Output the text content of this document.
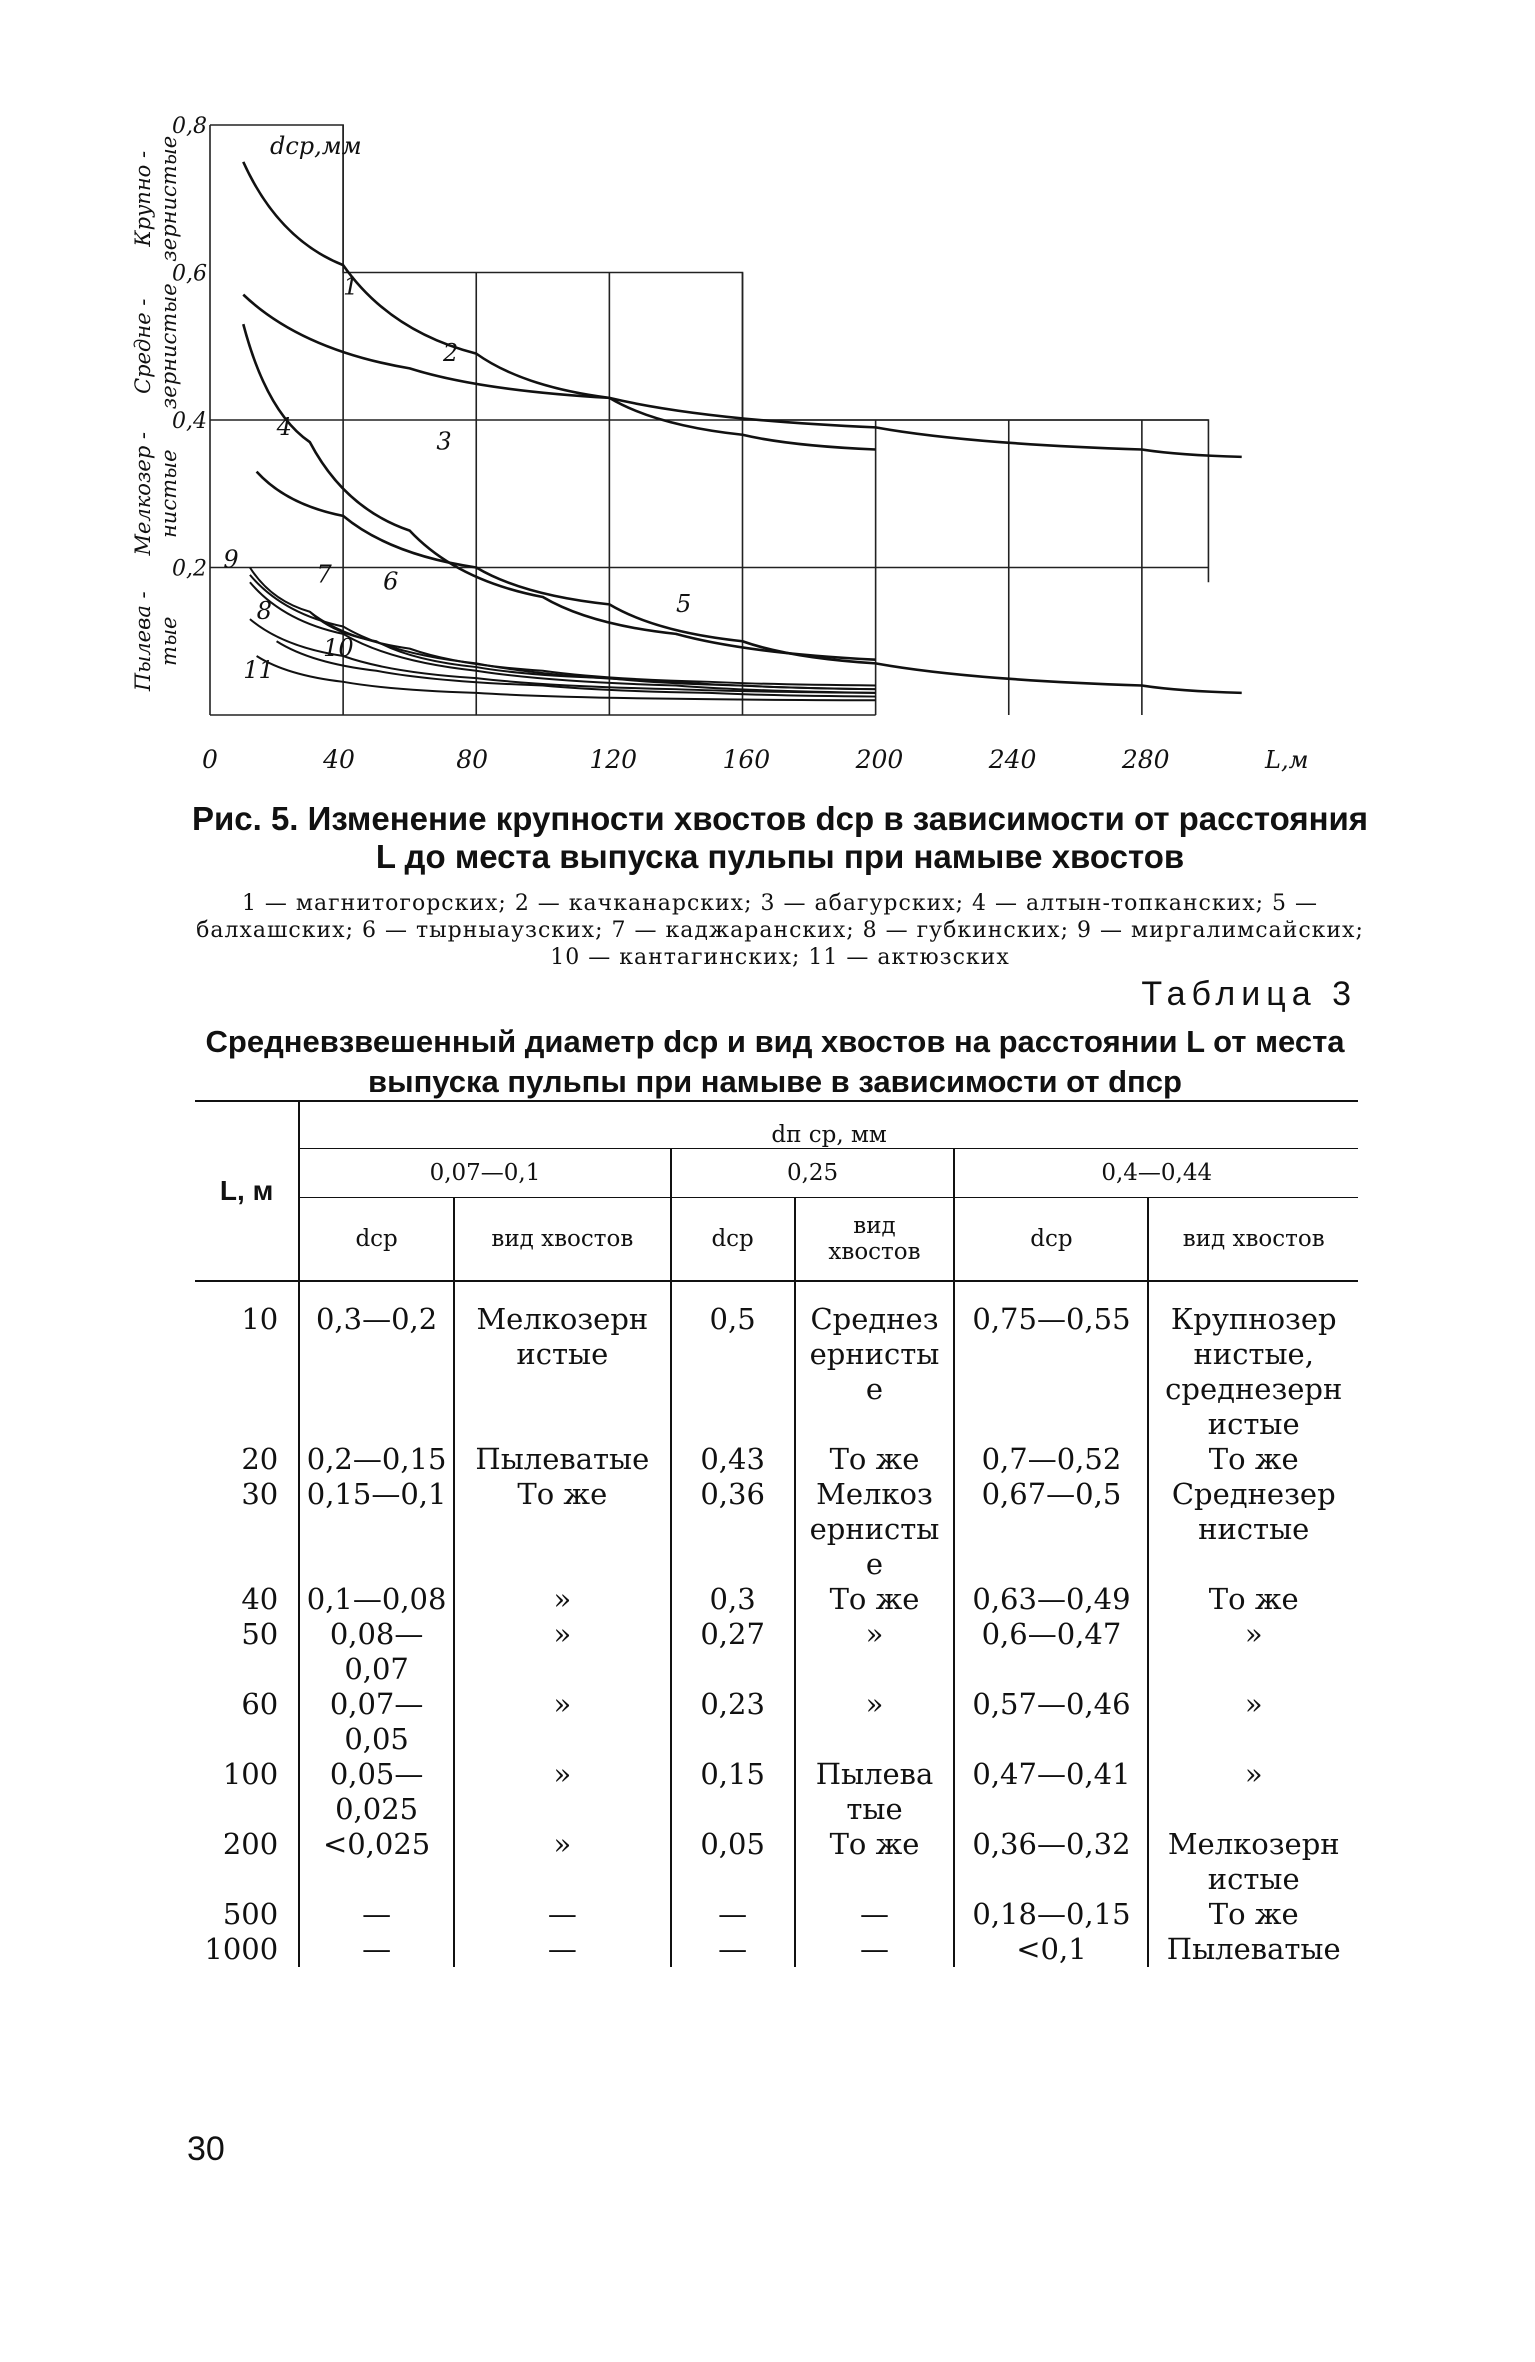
Крупно - зернистые
Средне - зернистые
Мелкозер - нистые
Пылева - тые
1
2
3
4
5
6
7
8
9
10
11
0	40	80	120	160	200	240	280
0,2
0,4
0,6
0,8
dср,мм
L,м
Рис. 5. Изменение крупности хвостов dср в зависимости от расстояния L до места выпуска пульпы при намыве хвостов
1 — магнитогорских; 2 — качканарских; 3 — абагурских; 4 — алтын-топканских; 5 — балхашских; 6 — тырныаузских; 7 — каджаранских; 8 — губкинских; 9 — миргалимсайских; 10 — кантагинских; 11 — актюзских
Таблица 3
Средневзвешенный диаметр dср и вид хвостов на расстоянии L от места выпуска пульпы при намыве в зависимости от dпср
L, м	dп ср, мм					
	0,07—0,1		0,25		0,4—0,44	
	dср	вид хвостов	dср	вид хвостов	dср	вид хвостов
10	0,3—0,2	Мелкозернистые	0,5	Среднезернистые	0,75—0,55	Крупнозернистые, среднезернистые
20	0,2—0,15	Пылеватые	0,43	То же	0,7—0,52	То же
30	0,15—0,1	То же	0,36	Мелкозернистые	0,67—0,5	Среднезернистые
40	0,1—0,08	»	0,3	То же	0,63—0,49	То же
50	0,08—0,07	»	0,27	»	0,6—0,47	»
60	0,07—0,05	»	0,23	»	0,57—0,46	»
100	0,05—0,025	»	0,15	Пылеватые	0,47—0,41	»
200	<0,025	»	0,05	То же	0,36—0,32	Мелкозернистые
500	—	—	—	—	0,18—0,15	То же
1000	—	—	—	—	<0,1	Пылеватые
30
